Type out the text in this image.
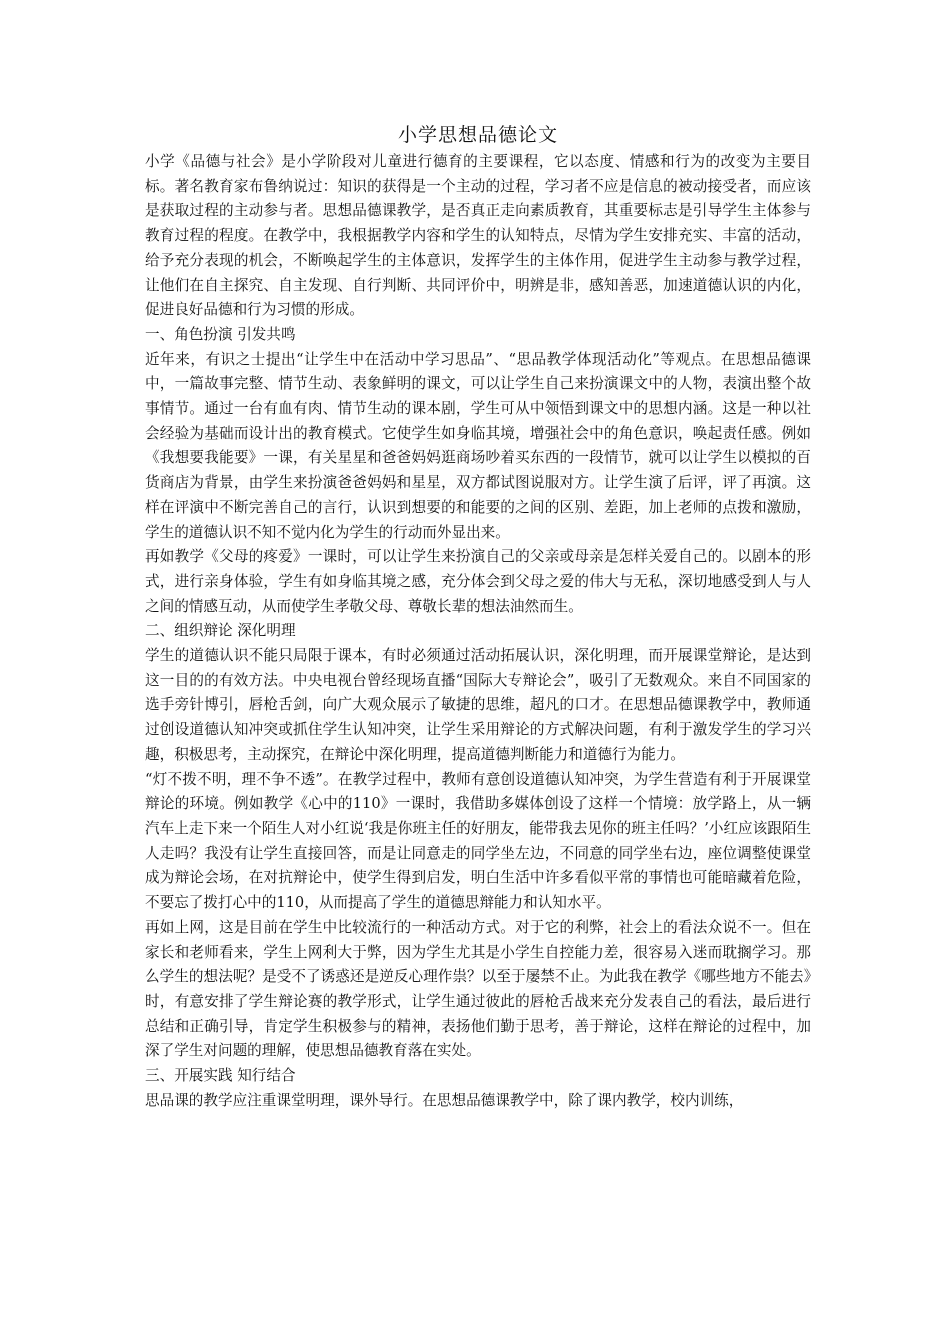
小学思想品德论文

小学《品德与社会》是小学阶段对儿童进行德育的主要课程，它以态度、情感和行为的改变为主要目标。著名教育家布鲁纳说过：知识的获得是一个主动的过程，学习者不应是信息的被动接受者，而应该是获取过程的主动参与者。思想品德课教学，是否真正走向素质教育，其重要标志是引导学生主体参与教育过程的程度。在教学中，我根据教学内容和学生的认知特点，尽情为学生安排充实、丰富的活动，给予充分表现的机会，不断唤起学生的主体意识，发挥学生的主体作用，促进学生主动参与教学过程，让他们在自主探究、自主发现、自行判断、共同评价中，明辨是非，感知善恶，加速道德认识的内化，促进良好品德和行为习惯的形成。

一、角色扮演 引发共鸣

近年来，有识之士提出“让学生中在活动中学习思品”、“思品教学体现活动化”等观点。在思想品德课中，一篇故事完整、情节生动、表象鲜明的课文，可以让学生自己来扮演课文中的人物，表演出整个故事情节。通过一台有血有肉、情节生动的课本剧，学生可从中领悟到课文中的思想内涵。这是一种以社会经验为基础而设计出的教育模式。它使学生如身临其境，增强社会中的角色意识，唤起责任感。例如《我想要我能要》一课，有关星星和爸爸妈妈逛商场吵着买东西的一段情节，就可以让学生以模拟的百货商店为背景，由学生来扮演爸爸妈妈和星星，双方都试图说服对方。让学生演了后评，评了再演。这样在评演中不断完善自己的言行，认识到想要的和能要的之间的区别、差距，加上老师的点拨和激励，学生的道德认识不知不觉内化为学生的行动而外显出来。

再如教学《父母的疼爱》一课时，可以让学生来扮演自己的父亲或母亲是怎样关爱自己的。以剧本的形式，进行亲身体验，学生有如身临其境之感，充分体会到父母之爱的伟大与无私，深切地感受到人与人之间的情感互动，从而使学生孝敬父母、尊敬长辈的想法油然而生。

二、组织辩论 深化明理

学生的道德认识不能只局限于课本，有时必须通过活动拓展认识，深化明理，而开展课堂辩论，是达到这一目的的有效方法。中央电视台曾经现场直播“国际大专辩论会”，吸引了无数观众。来自不同国家的选手旁针博引，唇枪舌剑，向广大观众展示了敏捷的思维，超凡的口才。在思想品德课教学中，教师通过创设道德认知冲突或抓住学生认知冲突，让学生采用辩论的方式解决问题，有利于激发学生的学习兴趣，积极思考，主动探究，在辩论中深化明理，提高道德判断能力和道德行为能力。

“灯不拨不明，理不争不透”。在教学过程中，教师有意创设道德认知冲突，为学生营造有利于开展课堂辩论的环境。例如教学《心中的110》一课时，我借助多媒体创设了这样一个情境：放学路上，从一辆汽车上走下来一个陌生人对小红说‘我是你班主任的好朋友，能带我去见你的班主任吗？’小红应该跟陌生人走吗？我没有让学生直接回答，而是让同意走的同学坐左边，不同意的同学坐右边，座位调整使课堂成为辩论会场，在对抗辩论中，使学生得到启发，明白生活中许多看似平常的事情也可能暗藏着危险，不要忘了拨打心中的110，从而提高了学生的道德思辩能力和认知水平。

再如上网，这是目前在学生中比较流行的一种活动方式。对于它的利弊，社会上的看法众说不一。但在家长和老师看来，学生上网利大于弊，因为学生尤其是小学生自控能力差，很容易入迷而耽搁学习。那么学生的想法呢？是受不了诱惑还是逆反心理作祟？以至于屡禁不止。为此我在教学《哪些地方不能去》时，有意安排了学生辩论赛的教学形式，让学生通过彼此的唇枪舌战来充分发表自己的看法，最后进行总结和正确引导，肯定学生积极参与的精神，表扬他们勤于思考，善于辩论，这样在辩论的过程中，加深了学生对问题的理解，使思想品德教育落在实处。

三、开展实践 知行结合

思品课的教学应注重课堂明理，课外导行。在思想品德课教学中，除了课内教学，校内训练，
